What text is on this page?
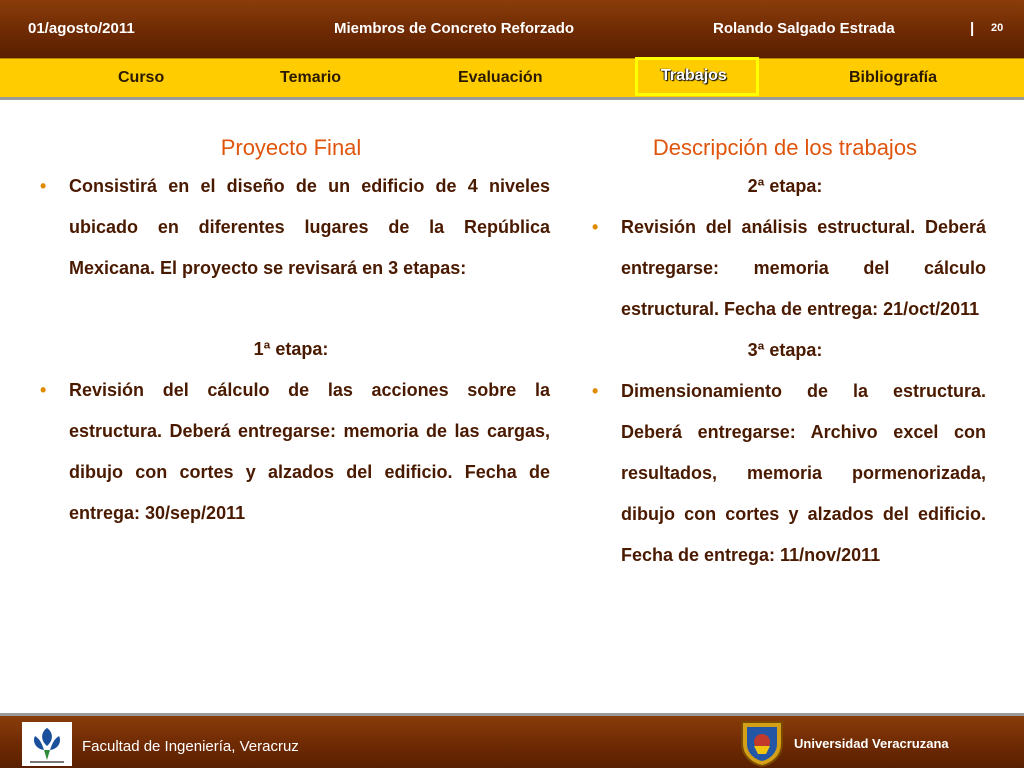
01/agosto/2011	Miembros de Concreto Reforzado	Rolando Salgado Estrada	| 20
Curso	Temario	Evaluación	Trabajos	Bibliografía
Proyecto Final

• Consistirá en el diseño de un edificio de 4 niveles ubicado en diferentes lugares de la República Mexicana. El proyecto se revisará en 3 etapas:

1ª etapa:

• Revisión del cálculo de las acciones sobre la estructura. Deberá entregarse: memoria de las cargas, dibujo con cortes y alzados del edificio. Fecha de entrega: 30/sep/2011

Descripción de los trabajos

2ª etapa:

• Revisión del análisis estructural. Deberá entregarse: memoria del cálculo estructural. Fecha de entrega: 21/oct/2011

3ª etapa:

• Dimensionamiento de la estructura. Deberá entregarse: Archivo excel con resultados, memoria pormenorizada, dibujo con cortes y alzados del edificio. Fecha de entrega: 11/nov/2011

Facultad de Ingeniería, Veracruz	Universidad Veracruzana
